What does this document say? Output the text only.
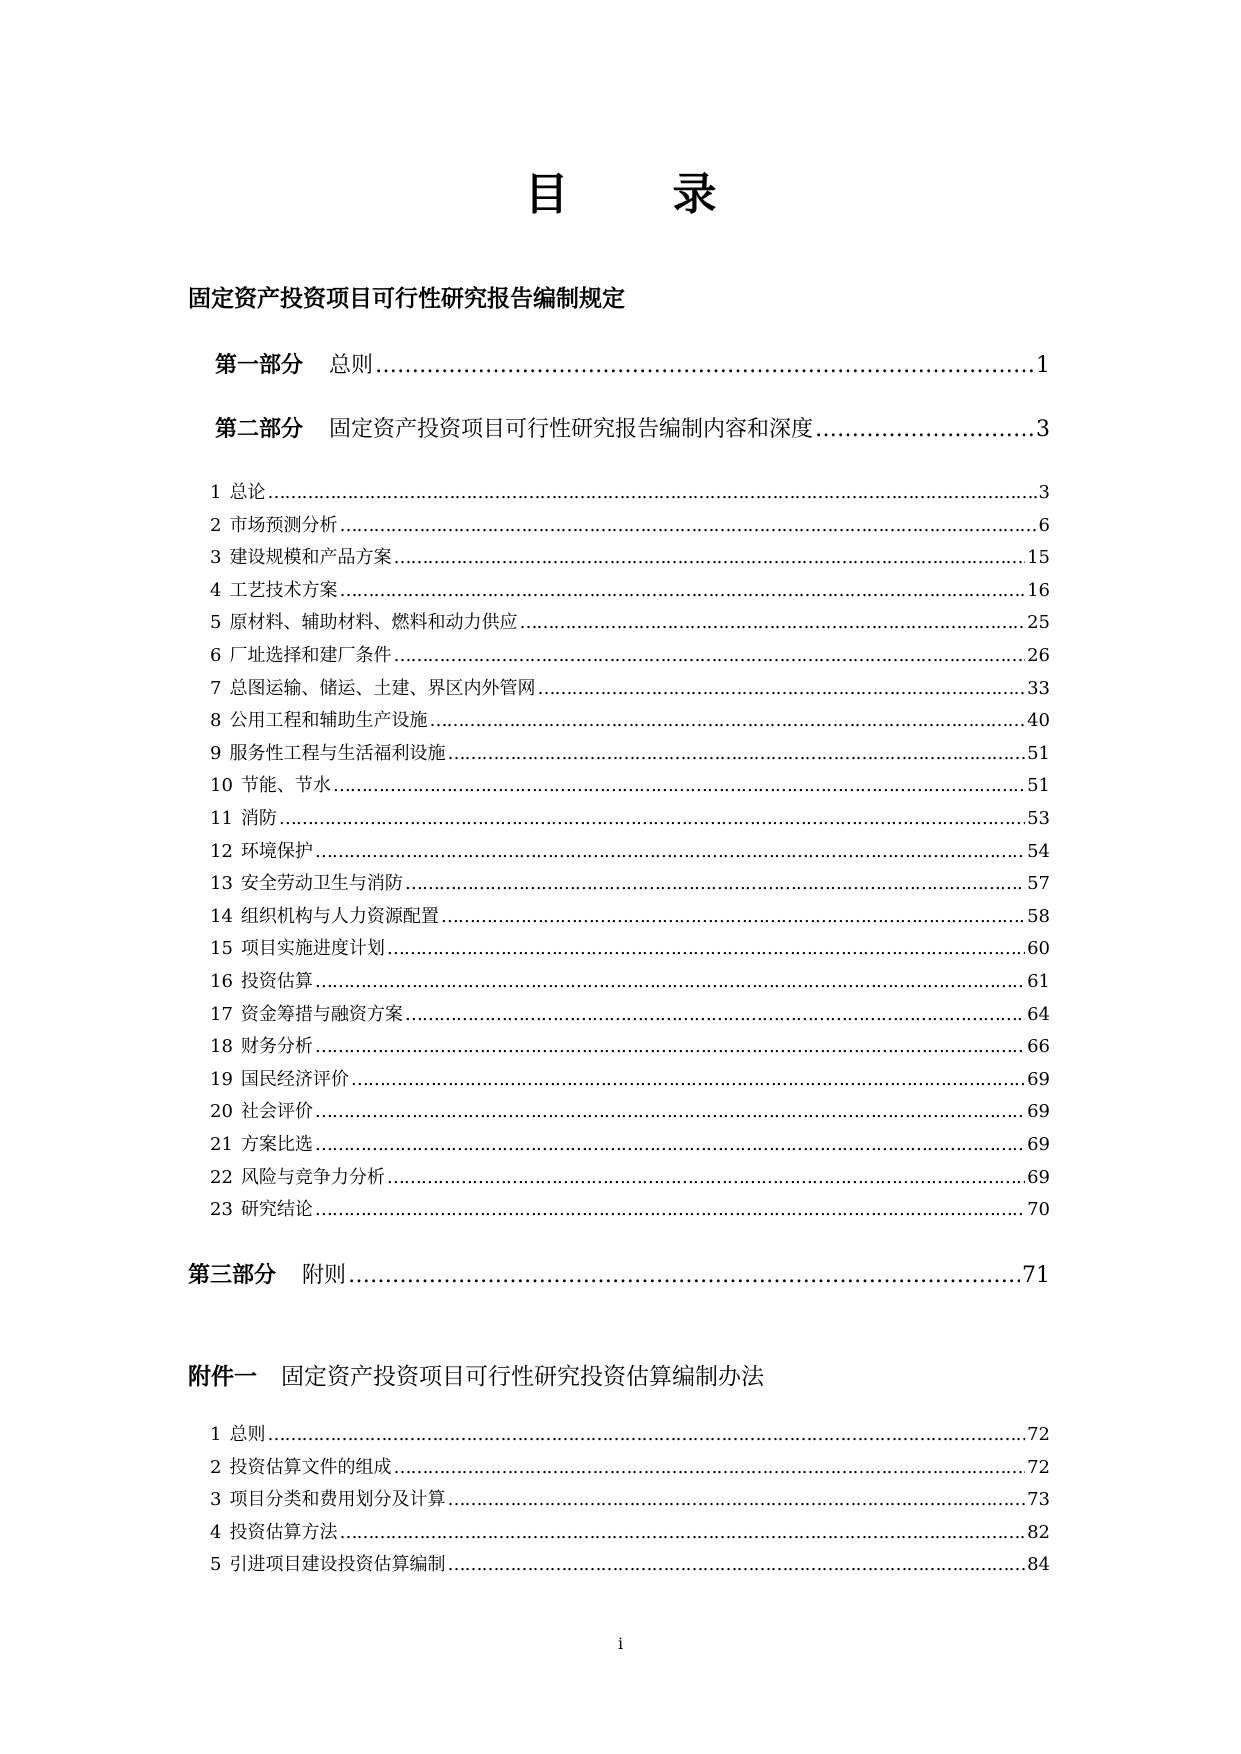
目　录
固定资产投资项目可行性研究报告编制规定
第一部分 总则 ……………………………………………………………………………………………………………………………………………………………………………………………………………………	1
第二部分 固定资产投资项目可行性研究报告编制内容和深度 ……………………………………………………………………………………………………………………………………………………………………………………………………………………	3
1 总论 ……………………………………………………………………………………………………………………………………………………………………………………………………………………	3
2 市场预测分析 ……………………………………………………………………………………………………………………………………………………………………………………………………………………	6
3 建设规模和产品方案 ……………………………………………………………………………………………………………………………………………………………………………………………………………………	15
4 工艺技术方案 ……………………………………………………………………………………………………………………………………………………………………………………………………………………	16
5 原材料、辅助材料、燃料和动力供应 ……………………………………………………………………………………………………………………………………………………………………………………………………………………	25
6 厂址选择和建厂条件 ……………………………………………………………………………………………………………………………………………………………………………………………………………………	26
7 总图运输、储运、土建、界区内外管网 ……………………………………………………………………………………………………………………………………………………………………………………………………………………	33
8 公用工程和辅助生产设施 ……………………………………………………………………………………………………………………………………………………………………………………………………………………	40
9 服务性工程与生活福利设施 ……………………………………………………………………………………………………………………………………………………………………………………………………………………	51
10 节能、节水 ……………………………………………………………………………………………………………………………………………………………………………………………………………………	51
11 消防 ……………………………………………………………………………………………………………………………………………………………………………………………………………………	53
12 环境保护 ……………………………………………………………………………………………………………………………………………………………………………………………………………………	54
13 安全劳动卫生与消防 ……………………………………………………………………………………………………………………………………………………………………………………………………………………	57
14 组织机构与人力资源配置 ……………………………………………………………………………………………………………………………………………………………………………………………………………………	58
15 项目实施进度计划 ……………………………………………………………………………………………………………………………………………………………………………………………………………………	60
16 投资估算 ……………………………………………………………………………………………………………………………………………………………………………………………………………………	61
17 资金筹措与融资方案 ……………………………………………………………………………………………………………………………………………………………………………………………………………………	64
18 财务分析 ……………………………………………………………………………………………………………………………………………………………………………………………………………………	66
19 国民经济评价 ……………………………………………………………………………………………………………………………………………………………………………………………………………………	69
20 社会评价 ……………………………………………………………………………………………………………………………………………………………………………………………………………………	69
21 方案比选 ……………………………………………………………………………………………………………………………………………………………………………………………………………………	69
22 风险与竞争力分析 ……………………………………………………………………………………………………………………………………………………………………………………………………………………	69
23 研究结论 ……………………………………………………………………………………………………………………………………………………………………………………………………………………	70
第三部分 附则 ……………………………………………………………………………………………………………………………………………………………………………………………………………………	71
附件一 固定资产投资项目可行性研究投资估算编制办法
1 总则 ……………………………………………………………………………………………………………………………………………………………………………………………………………………	72
2 投资估算文件的组成 ……………………………………………………………………………………………………………………………………………………………………………………………………………………	72
3 项目分类和费用划分及计算 ……………………………………………………………………………………………………………………………………………………………………………………………………………………	73
4 投资估算方法 ……………………………………………………………………………………………………………………………………………………………………………………………………………………	82
5 引进项目建设投资估算编制 ……………………………………………………………………………………………………………………………………………………………………………………………………………………	84
i
